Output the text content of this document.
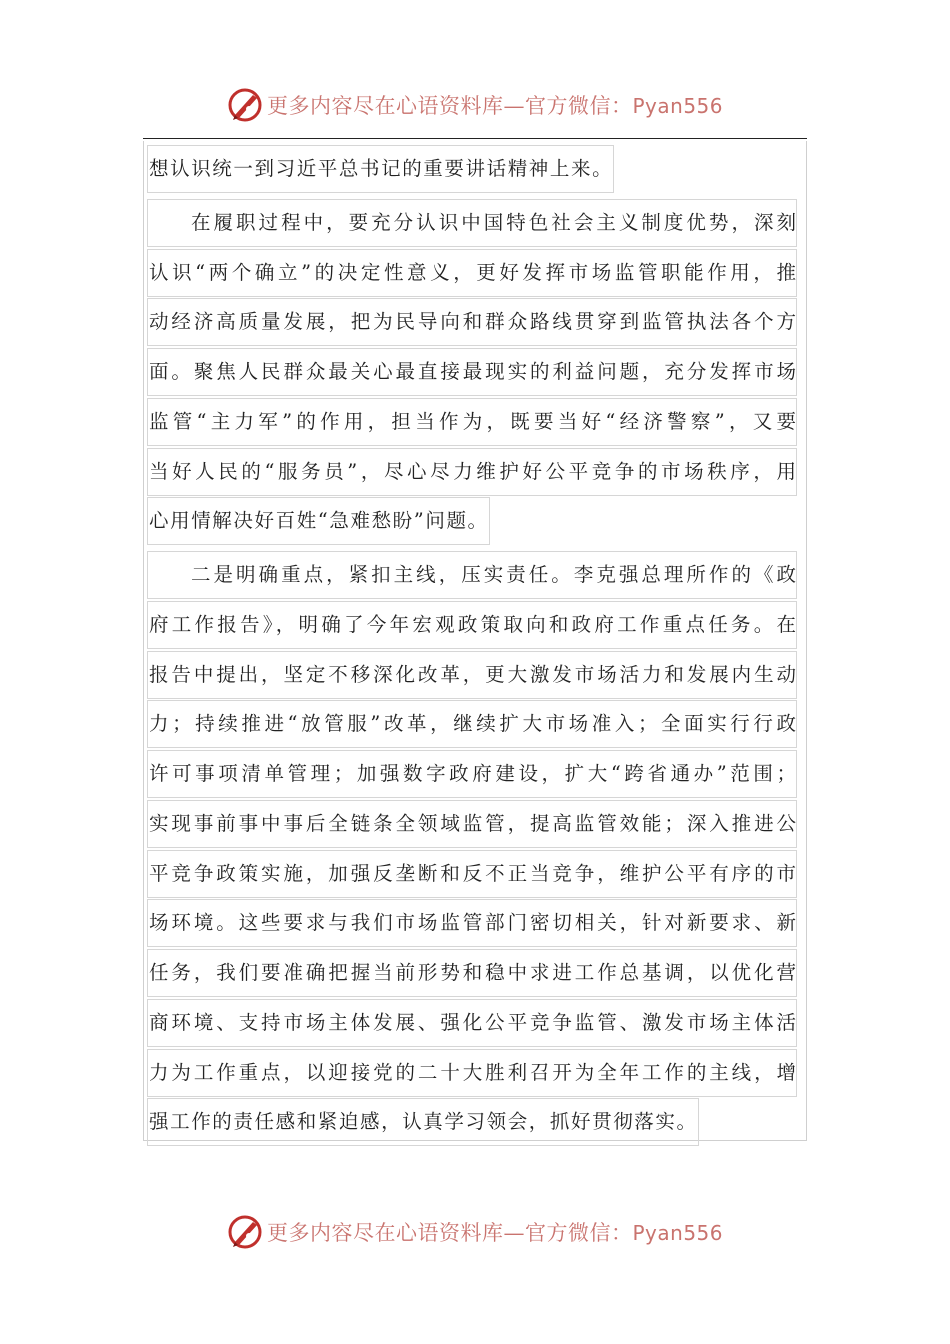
更多内容尽在心语资料库—官方微信：Pyan556
想认识统一到习近平总书记的重要讲话精神上来。
在履职过程中，要充分认识中国特色社会主义制度优势，深刻
认识“两个确立”的决定性意义，更好发挥市场监管职能作用，推
动经济高质量发展，把为民导向和群众路线贯穿到监管执法各个方
面。聚焦人民群众最关心最直接最现实的利益问题，充分发挥市场
监管“主力军”的作用，担当作为，既要当好“经济警察”，又要
当好人民的“服务员”，尽心尽力维护好公平竞争的市场秩序，用
心用情解决好百姓“急难愁盼”问题。
二是明确重点，紧扣主线，压实责任。李克强总理所作的《政
府工作报告》，明确了今年宏观政策取向和政府工作重点任务。在
报告中提出，坚定不移深化改革，更大激发市场活力和发展内生动
力；持续推进“放管服”改革，继续扩大市场准入；全面实行行政
许可事项清单管理；加强数字政府建设，扩大“跨省通办”范围；
实现事前事中事后全链条全领域监管，提高监管效能；深入推进公
平竞争政策实施，加强反垄断和反不正当竞争，维护公平有序的市
场环境。这些要求与我们市场监管部门密切相关，针对新要求、新
任务，我们要准确把握当前形势和稳中求进工作总基调，以优化营
商环境、支持市场主体发展、强化公平竞争监管、激发市场主体活
力为工作重点，以迎接党的二十大胜利召开为全年工作的主线，增
强工作的责任感和紧迫感，认真学习领会，抓好贯彻落实。
更多内容尽在心语资料库—官方微信：Pyan556
